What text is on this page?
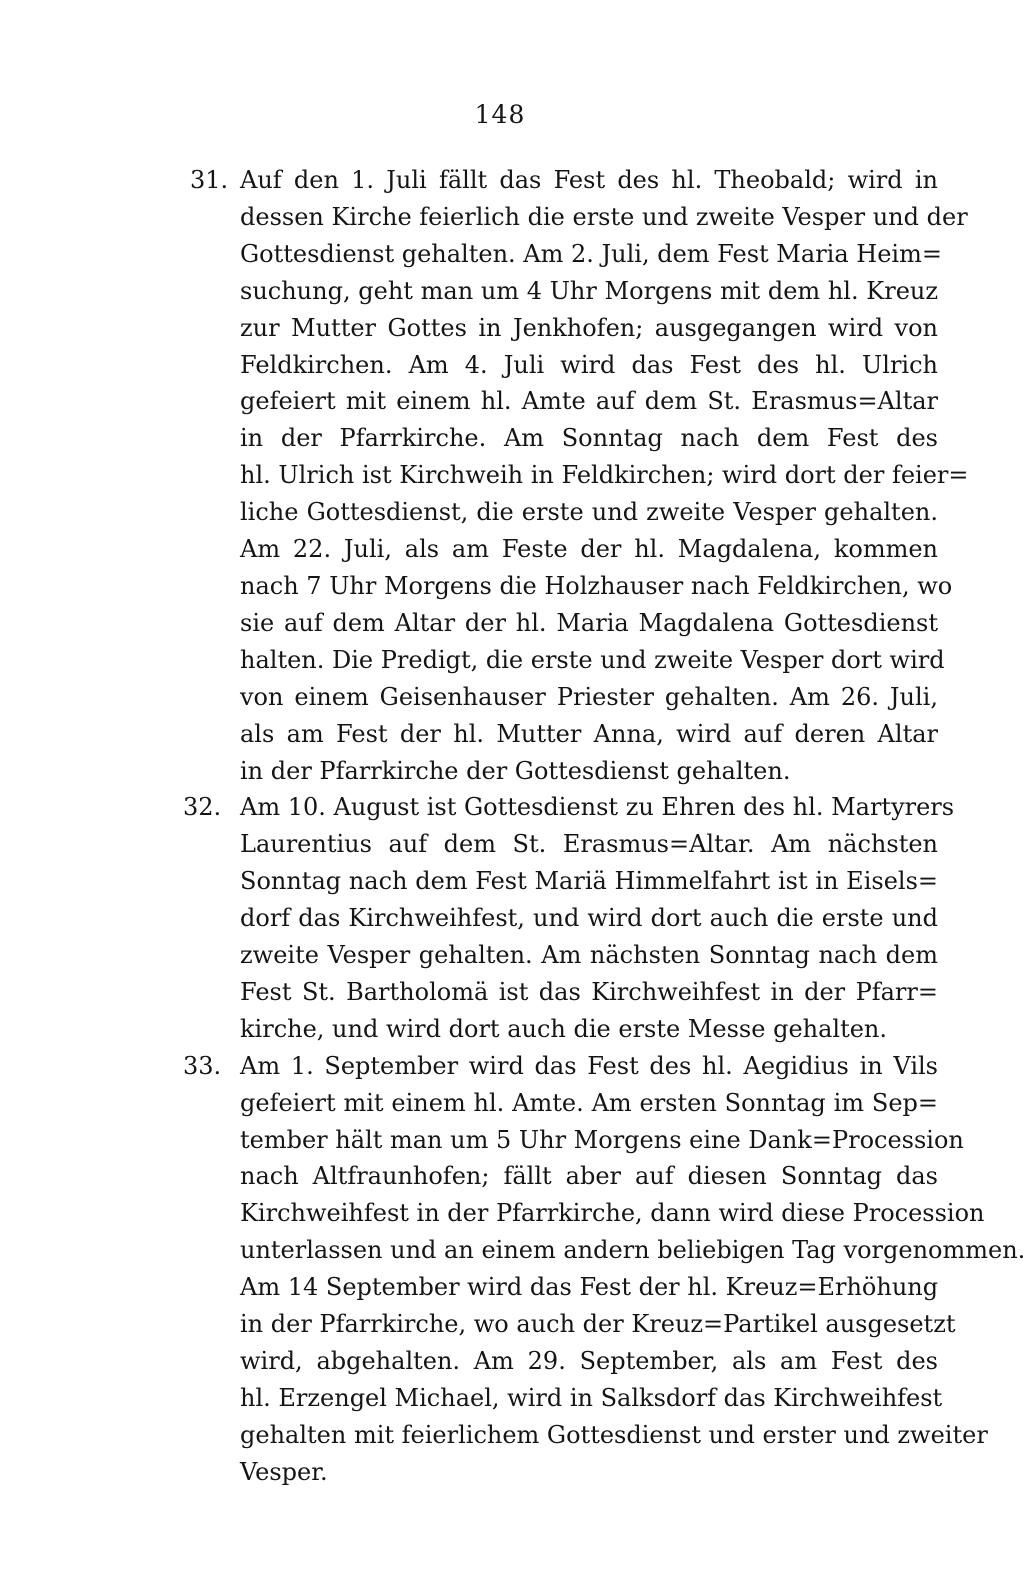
148
31. Auf den 1. Juli fällt das Fest des hl. Theobald; wird in
dessen Kirche feierlich die erste und zweite Vesper und der
Gottesdienst gehalten. Am 2. Juli, dem Fest Maria Heim=
suchung, geht man um 4 Uhr Morgens mit dem hl. Kreuz
zur Mutter Gottes in Jenkhofen; ausgegangen wird von
Feldkirchen. Am 4. Juli wird das Fest des hl. Ulrich
gefeiert mit einem hl. Amte auf dem St. Erasmus=Altar
in der Pfarrkirche. Am Sonntag nach dem Fest des
hl. Ulrich ist Kirchweih in Feldkirchen; wird dort der feier=
liche Gottesdienst, die erste und zweite Vesper gehalten.
Am 22. Juli, als am Feste der hl. Magdalena, kommen
nach 7 Uhr Morgens die Holzhauser nach Feldkirchen, wo
sie auf dem Altar der hl. Maria Magdalena Gottesdienst
halten. Die Predigt, die erste und zweite Vesper dort wird
von einem Geisenhauser Priester gehalten. Am 26. Juli,
als am Fest der hl. Mutter Anna, wird auf deren Altar
in der Pfarrkirche der Gottesdienst gehalten.
32. Am 10. August ist Gottesdienst zu Ehren des hl. Martyrers
Laurentius auf dem St. Erasmus=Altar. Am nächsten
Sonntag nach dem Fest Mariä Himmelfahrt ist in Eisels=
dorf das Kirchweihfest, und wird dort auch die erste und
zweite Vesper gehalten. Am nächsten Sonntag nach dem
Fest St. Bartholomä ist das Kirchweihfest in der Pfarr=
kirche, und wird dort auch die erste Messe gehalten.
33. Am 1. September wird das Fest des hl. Aegidius in Vils
gefeiert mit einem hl. Amte. Am ersten Sonntag im Sep=
tember hält man um 5 Uhr Morgens eine Dank=Procession
nach Altfraunhofen; fällt aber auf diesen Sonntag das
Kirchweihfest in der Pfarrkirche, dann wird diese Procession
unterlassen und an einem andern beliebigen Tag vorgenommen.
Am 14 September wird das Fest der hl. Kreuz=Erhöhung
in der Pfarrkirche, wo auch der Kreuz=Partikel ausgesetzt
wird, abgehalten. Am 29. September, als am Fest des
hl. Erzengel Michael, wird in Salksdorf das Kirchweihfest
gehalten mit feierlichem Gottesdienst und erster und zweiter
Vesper.
